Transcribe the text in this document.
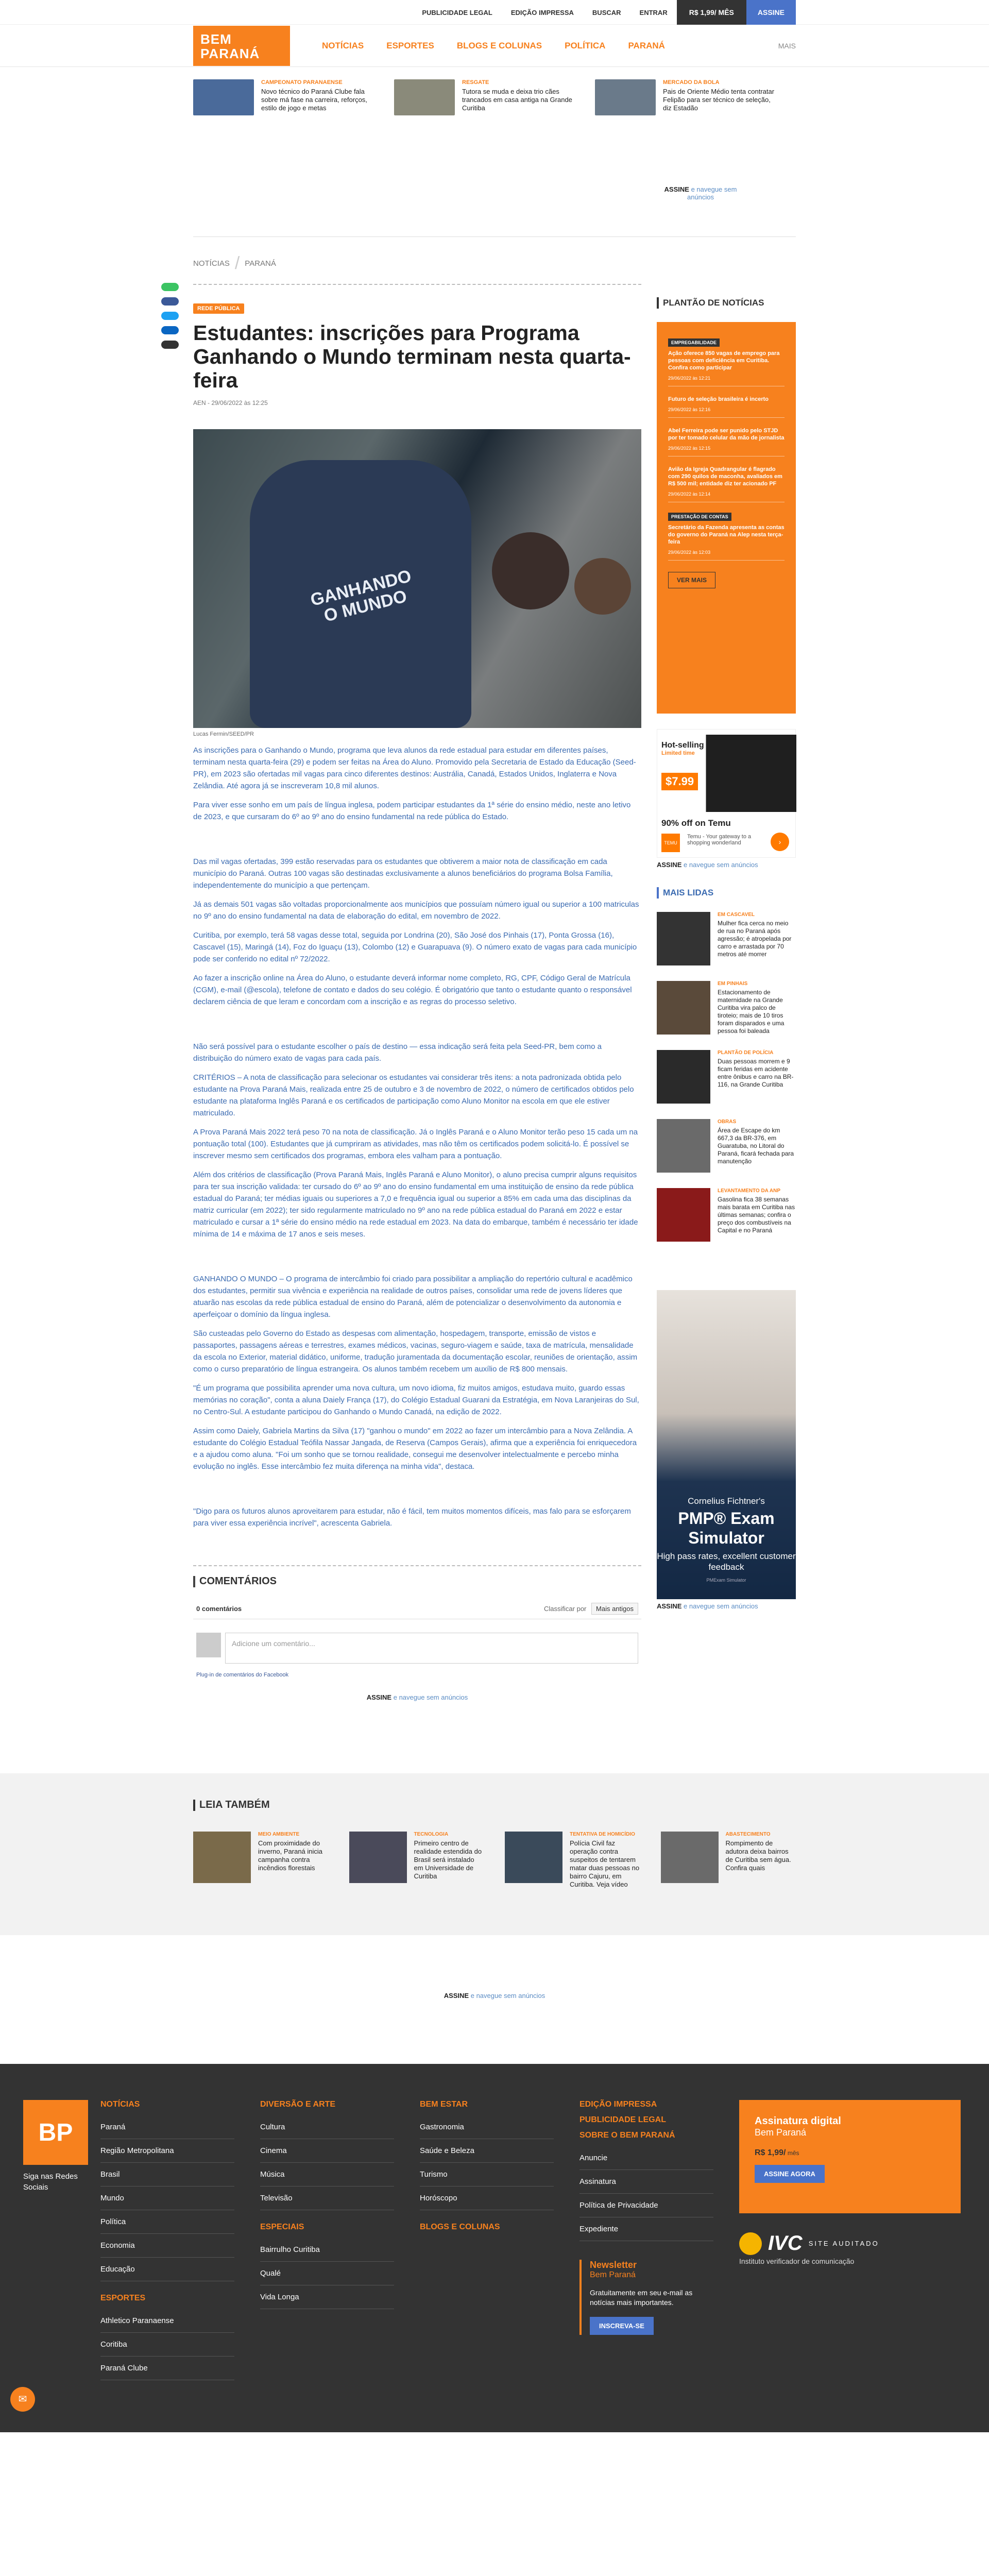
PUBLICIDADE LEGAL	EDIÇÃO IMPRESSA	BUSCAR	ENTRAR	R$ 1,99/ MÊS	ASSINE
BEM
PARANÁ
NOTÍCIAS	ESPORTES	BLOGS E COLUNAS	POLÍTICA	PARANÁ	MAIS
CAMPEONATO PARANAENSE
Novo técnico do Paraná Clube fala sobre má fase na carreira, reforços, estilo de jogo e metas
RESGATE
Tutora se muda e deixa trio cães trancados em casa antiga na Grande Curitiba
MERCADO DA BOLA
Pais de Oriente Médio tenta contratar Felipão para ser técnico de seleção, diz Estadão
ASSINE e navegue sem anúncios
NOTÍCIAS / PARANÁ
REDE PÚBLICA
Estudantes: inscrições para Programa Ganhando o Mundo terminam nesta quarta-feira
AEN - 29/06/2022 às 12:25
GANHANDO O MUNDO
Lucas Fermin/SEED/PR

As inscrições para o Ganhando o Mundo, programa que leva alunos da rede estadual para estudar em diferentes países, terminam nesta quarta-feira (29) e podem ser feitas na Área do Aluno. Promovido pela Secretaria de Estado da Educação (Seed-PR), em 2023 são ofertadas mil vagas para cinco diferentes destinos: Austrália, Canadá, Estados Unidos, Inglaterra e Nova Zelândia. Até agora já se inscreveram 10,8 mil alunos.

Para viver esse sonho em um país de língua inglesa, podem participar estudantes da 1ª série do ensino médio, neste ano letivo de 2023, e que cursaram do 6º ao 9º ano do ensino fundamental na rede pública do Estado.

Das mil vagas ofertadas, 399 estão reservadas para os estudantes que obtiverem a maior nota de classificação em cada município do Paraná. Outras 100 vagas são destinadas exclusivamente a alunos beneficiários do programa Bolsa Família, independentemente do município a que pertençam.

Já as demais 501 vagas são voltadas proporcionalmente aos municípios que possuíam número igual ou superior a 100 matriculas no 9º ano do ensino fundamental na data de elaboração do edital, em novembro de 2022.

Curitiba, por exemplo, terá 58 vagas desse total, seguida por Londrina (20), São José dos Pinhais (17), Ponta Grossa (16), Cascavel (15), Maringá (14), Foz do Iguaçu (13), Colombo (12) e Guarapuava (9). O número exato de vagas para cada município pode ser conferido no edital nº 72/2022.

Ao fazer a inscrição online na Área do Aluno, o estudante deverá informar nome completo, RG, CPF, Código Geral de Matrícula (CGM), e-mail (@escola), telefone de contato e dados do seu colégio. É obrigatório que tanto o estudante quanto o responsável declarem ciência de que leram e concordam com a inscrição e as regras do processo seletivo.

Não será possível para o estudante escolher o país de destino — essa indicação será feita pela Seed-PR, bem como a distribuição do número exato de vagas para cada país.

CRITÉRIOS – A nota de classificação para selecionar os estudantes vai considerar três itens: a nota padronizada obtida pelo estudante na Prova Paraná Mais, realizada entre 25 de outubro e 3 de novembro de 2022, o número de certificados obtidos pelo estudante na plataforma Inglês Paraná e os certificados de participação como Aluno Monitor na escola em que ele estiver matriculado.

A Prova Paraná Mais 2022 terá peso 70 na nota de classificação. Já o Inglês Paraná e o Aluno Monitor terão peso 15 cada um na pontuação total (100). Estudantes que já cumpriram as atividades, mas não têm os certificados podem solicitá-lo. É possível se inscrever mesmo sem certificados dos programas, embora eles valham para a pontuação.

Além dos critérios de classificação (Prova Paraná Mais, Inglês Paraná e Aluno Monitor), o aluno precisa cumprir alguns requisitos para ter sua inscrição validada: ter cursado do 6º ao 9º ano do ensino fundamental em uma instituição de ensino da rede pública estadual do Paraná; ter médias iguais ou superiores a 7,0 e frequência igual ou superior a 85% em cada uma das disciplinas da matriz curricular (em 2022); ter sido regularmente matriculado no 9º ano na rede pública estadual do Paraná em 2022 e estar matriculado e cursar a 1ª série do ensino médio na rede estadual em 2023. Na data do embarque, também é necessário ter idade mínima de 14 e máxima de 17 anos e seis meses.

GANHANDO O MUNDO – O programa de intercâmbio foi criado para possibilitar a ampliação do repertório cultural e acadêmico dos estudantes, permitir sua vivência e experiência na realidade de outros países, consolidar uma rede de jovens líderes que atuarão nas escolas da rede pública estadual de ensino do Paraná, além de potencializar o desenvolvimento da autonomia e aperfeiçoar o domínio da língua inglesa.

São custeadas pelo Governo do Estado as despesas com alimentação, hospedagem, transporte, emissão de vistos e passaportes, passagens aéreas e terrestres, exames médicos, vacinas, seguro-viagem e saúde, taxa de matrícula, mensalidade da escola no Exterior, material didático, uniforme, tradução juramentada da documentação escolar, reuniões de orientação, assim como o curso preparatório de língua estrangeira. Os alunos também recebem um auxílio de R$ 800 mensais.

"É um programa que possibilita aprender uma nova cultura, um novo idioma, fiz muitos amigos, estudava muito, guardo essas memórias no coração", conta a aluna Daiely França (17), do Colégio Estadual Guarani da Estratégia, em Nova Laranjeiras do Sul, no Centro-Sul. A estudante participou do Ganhando o Mundo Canadá, na edição de 2022.

Assim como Daiely, Gabriela Martins da Silva (17) "ganhou o mundo" em 2022 ao fazer um intercâmbio para a Nova Zelândia. A estudante do Colégio Estadual Teófila Nassar Jangada, de Reserva (Campos Gerais), afirma que a experiência foi enriquecedora e a ajudou como aluna. "Foi um sonho que se tornou realidade, consegui me desenvolver intelectualmente e percebo minha evolução no inglês. Esse intercâmbio fez muita diferença na minha vida", destaca.

"Digo para os futuros alunos aproveitarem para estudar, não é fácil, tem muitos momentos difíceis, mas falo para se esforçarem para viver essa experiência incrível", acrescenta Gabriela.

COMENTÁRIOS
0 comentários	Classificar por Mais antigos
Adicione um comentário...
Plug-in de comentários do Facebook
ASSINE e navegue sem anúncios
PLANTÃO DE NOTÍCIAS
EMPREGABILIDADE
Ação oferece 850 vagas de emprego para pessoas com deficiência em Curitiba. Confira como participar
29/06/2022 às 12:21
Futuro de seleção brasileira é incerto
29/06/2022 às 12:16
Abel Ferreira pode ser punido pelo STJD por ter tomado celular da mão de jornalista
29/06/2022 às 12:15
Avião da Igreja Quadrangular é flagrado com 290 quilos de maconha, avaliados em R$ 500 mil; entidade diz ter acionado PF
29/06/2022 às 12:14
PRESTAÇÃO DE CONTAS
Secretário da Fazenda apresenta as contas do governo do Paraná na Alep nesta terça-feira
29/06/2022 às 12:03
VER MAIS
Hot-selling
Limited time
$7.99
90% off on Temu
TEMU
Temu - Your gateway to a shopping wonderland	›
ASSINE e navegue sem anúncios
MAIS LIDAS
EM CASCAVEL
Mulher fica cerca no meio de rua no Paraná após agressão; é atropelada por carro e arrastada por 70 metros até morrer
EM PINHAIS
Estacionamento de maternidade na Grande Curitiba vira palco de tiroteio; mais de 10 tiros foram disparados e uma pessoa foi baleada
PLANTÃO DE POLÍCIA
Duas pessoas morrem e 9 ficam feridas em acidente entre ônibus e carro na BR-116, na Grande Curitiba
OBRAS
Área de Escape do km 667,3 da BR-376, em Guaratuba, no Litoral do Paraná, ficará fechada para manutenção
LEVANTAMENTO DA ANP
Gasolina fica 38 semanas mais barata em Curitiba nas últimas semanas; confira o preço dos combustíveis na Capital e no Paraná
Cornelius Fichtner's
PMP® Exam Simulator
High pass rates, excellent customer feedback
PMExam Simulator
ASSINE e navegue sem anúncios
LEIA TAMBÉM
MEIO AMBIENTE
Com proximidade do inverno, Paraná inicia campanha contra incêndios florestais
TECNOLOGIA
Primeiro centro de realidade estendida do Brasil será instalado em Universidade de Curitiba
TENTATIVA DE HOMICÍDIO
Polícia Civil faz operação contra suspeitos de tentarem matar duas pessoas no bairro Cajuru, em Curitiba. Veja vídeo
ABASTECIMENTO
Rompimento de adutora deixa bairros de Curitiba sem água. Confira quais
ASSINE e navegue sem anúncios
BP
Siga nas Redes Sociais
NOTÍCIAS
Paraná
Região Metropolitana
Brasil
Mundo
Política
Economia
Educação
ESPORTES
Athletico Paranaense
Coritiba
Paraná Clube
DIVERSÃO E ARTE
Cultura
Cinema
Música
Televisão
ESPECIAIS
Bairrulho Curitiba
Qualé
Vida Longa
BEM ESTAR
Gastronomia
Saúde e Beleza
Turismo
Horóscopo
BLOGS E COLUNAS
EDIÇÃO IMPRESSA
PUBLICIDADE LEGAL
SOBRE O BEM PARANÁ
Anuncie
Assinatura
Política de Privacidade
Expediente
Newsletter
Bem Paraná
Gratuitamente em seu e-mail as notícias mais importantes.
INSCREVA-SE
Assinatura digital
Bem Paraná
R$ 1,99/ mês
ASSINE AGORA
IVC SITE AUDITADO
Instituto verificador de comunicação
✉
